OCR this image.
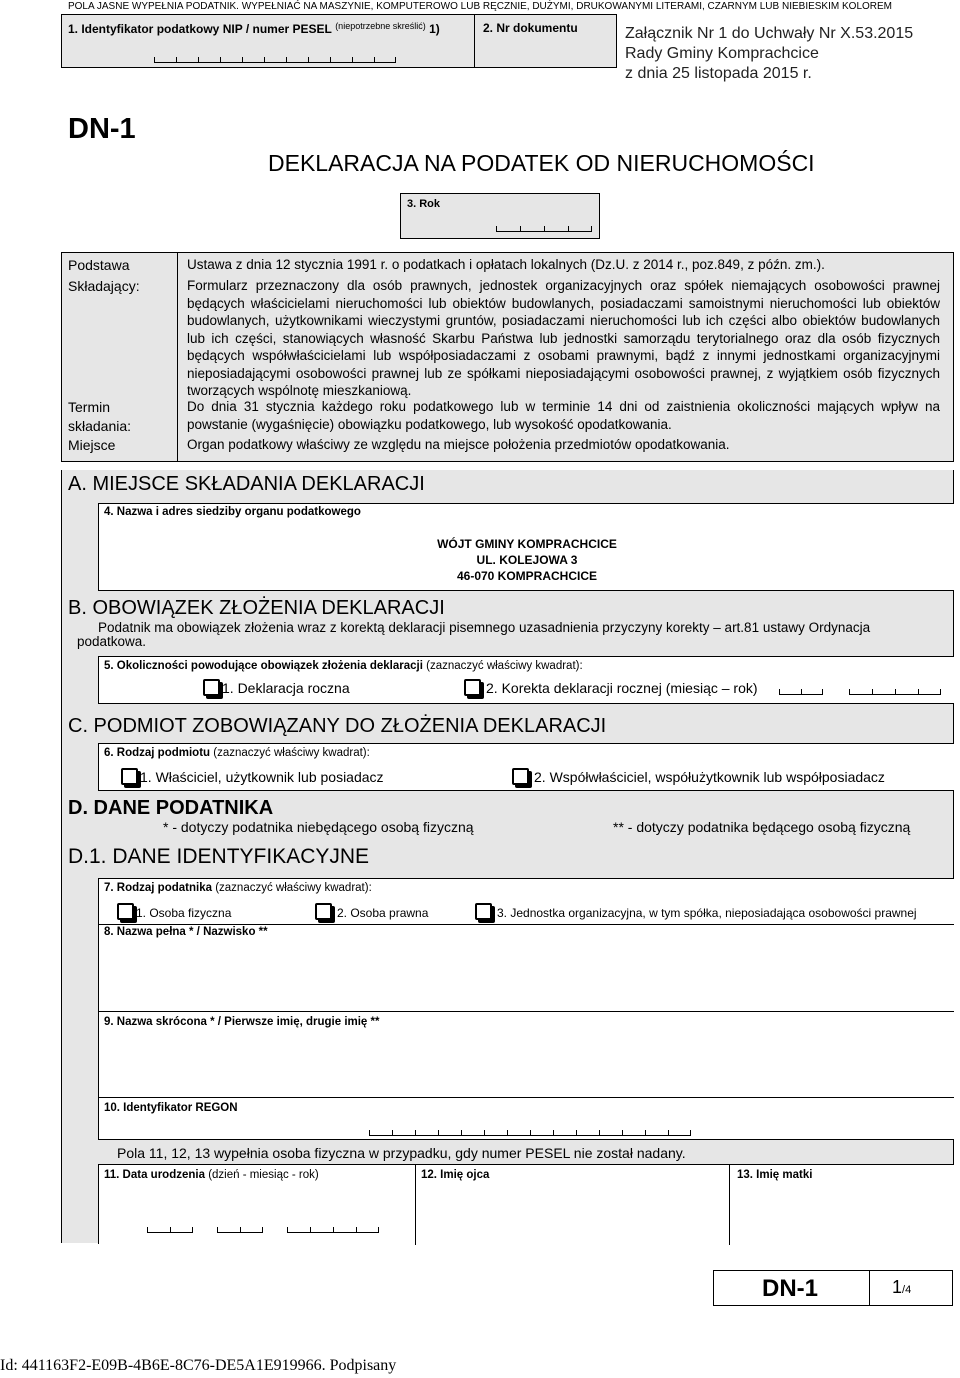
POLA JASNE WYPEŁNIA PODATNIK. WYPEŁNIAĆ NA MASZYNIE, KOMPUTEROWO LUB RĘCZNIE, DUŻYMI, DRUKOWANYMI LITERAMI, CZARNYM LUB NIEBIESKIM KOLOREM
1. Identyfikator podatkowy NIP / numer PESEL $^{(niepotrzebne skreślić)}$ 1)	2. Nr dokumentu	Załącznik Nr 1 do Uchwały Nr X.53.2015
Rady Gminy Komprachcice
z dnia 25 listopada 2015 r.
DN-1
DEKLARACJA NA PODATEK OD NIERUCHOMOŚCI
3. Rok
Podstawa	Ustawa z dnia 12 stycznia 1991 r. o podatkach i opłatach lokalnych (Dz.U. z 2014 r., poz.849, z późn. zm.).
Składający:	Formularz przeznaczony dla osób prawnych, jednostek organizacyjnych oraz spółek niemających osobowości prawnej będących właścicielami nieruchomości lub obiektów budowlanych, posiadaczami samoistnymi nieruchomości lub obiektów budowlanych, użytkownikami wieczystymi gruntów, posiadaczami nieruchomości lub ich części albo obiektów budowlanych lub ich części, stanowiących własność Skarbu Państwa lub jednostki samorządu terytorialnego oraz dla osób fizycznych będących współwłaścicielami lub współposiadaczami z osobami prawnymi, bądź z innymi jednostkami organizacyjnymi nieposiadającymi osobowości prawnej lub ze spółkami nieposiadającymi osobowości prawnej, z wyjątkiem osób fizycznych tworzących wspólnotę mieszkaniową.
Termin
składania:
Do dnia 31 stycznia każdego roku podatkowego lub w terminie 14 dni od zaistnienia okoliczności mających wpływ na powstanie (wygaśnięcie) obowiązku podatkowego, lub wysokość opodatkowania.
Miejsce	Organ podatkowy właściwy ze względu na miejsce położenia przedmiotów opodatkowania.
A. MIEJSCE SKŁADANIA DEKLARACJI
4. Nazwa i adres siedziby organu podatkowego
WÓJT GMINY KOMPRACHCICE
UL. KOLEJOWA 3
46-070 KOMPRACHCICE
B. OBOWIĄZEK ZŁOŻENIA DEKLARACJI
Podatnik ma obowiązek złożenia wraz z korektą deklaracji pisemnego uzasadnienia przyczyny korekty – art.81 ustawy Ordynacja
podatkowa.
5. Okoliczności powodujące obowiązek złożenia deklaracji (zaznaczyć właściwy kwadrat):
1. Deklaracja roczna	2. Korekta deklaracji rocznej (miesiąc – rok)
C. PODMIOT ZOBOWIĄZANY DO ZŁOŻENIA DEKLARACJI
6. Rodzaj podmiotu (zaznaczyć właściwy kwadrat):
1. Właściciel, użytkownik lub posiadacz	2. Współwłaściciel, współużytkownik lub współposiadacz
D. DANE PODATNIKA
* - dotyczy podatnika niebędącego osobą fizyczną	** - dotyczy podatnika będącego osobą fizyczną
D.1. DANE IDENTYFIKACYJNE
7. Rodzaj podatnika (zaznaczyć właściwy kwadrat):
1. Osoba fizyczna	2. Osoba prawna	3. Jednostka organizacyjna, w tym spółka, nieposiadająca osobowości prawnej
8. Nazwa pełna * / Nazwisko **
9. Nazwa skrócona * / Pierwsze imię, drugie imię **
10. Identyfikator REGON
Pola 11, 12, 13 wypełnia osoba fizyczna w przypadku, gdy numer PESEL nie został nadany.
11. Data urodzenia (dzień - miesiąc - rok)	12. Imię ojca	13. Imię matki
DN-1	1/4
Id: 441163F2-E09B-4B6E-8C76-DE5A1E919966. Podpisany
